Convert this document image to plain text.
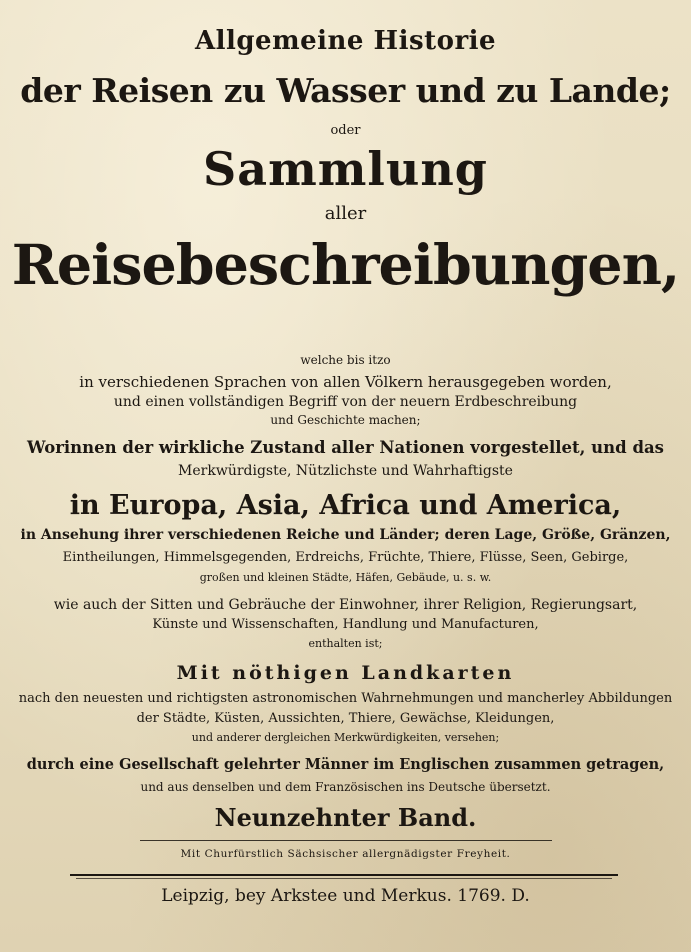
Allgemeine Historie
der Reisen zu Wasser und zu Lande;
oder
Sammlung
aller
Reisebeschreibungen,
welche bis itzo
in verschiedenen Sprachen von allen Völkern herausgegeben worden,
und einen vollständigen Begriff von der neuern Erdbeschreibung
und Geschichte machen;
Worinnen der wirkliche Zustand aller Nationen vorgestellet, und das
Merkwürdigste, Nützlichste und Wahrhaftigste
in Europa, Asia, Africa und America,
in Ansehung ihrer verschiedenen Reiche und Länder; deren Lage, Größe, Gränzen,
Eintheilungen, Himmelsgegenden, Erdreichs, Früchte, Thiere, Flüsse, Seen, Gebirge,
großen und kleinen Städte, Häfen, Gebäude, u. s. w.
wie auch der Sitten und Gebräuche der Einwohner, ihrer Religion, Regierungsart,
Künste und Wissenschaften, Handlung und Manufacturen,
enthalten ist;
Mit nöthigen Landkarten
nach den neuesten und richtigsten astronomischen Wahrnehmungen und mancherley Abbildungen
der Städte, Küsten, Aussichten, Thiere, Gewächse, Kleidungen,
und anderer dergleichen Merkwürdigkeiten, versehen;
durch eine Gesellschaft gelehrter Männer im Englischen zusammen getragen,
und aus denselben und dem Französischen ins Deutsche übersetzt.
Neunzehnter Band.
Mit Churfürstlich Sächsischer allergnädigster Freyheit.
Leipzig, bey Arkstee und Merkus. 1769. D.
